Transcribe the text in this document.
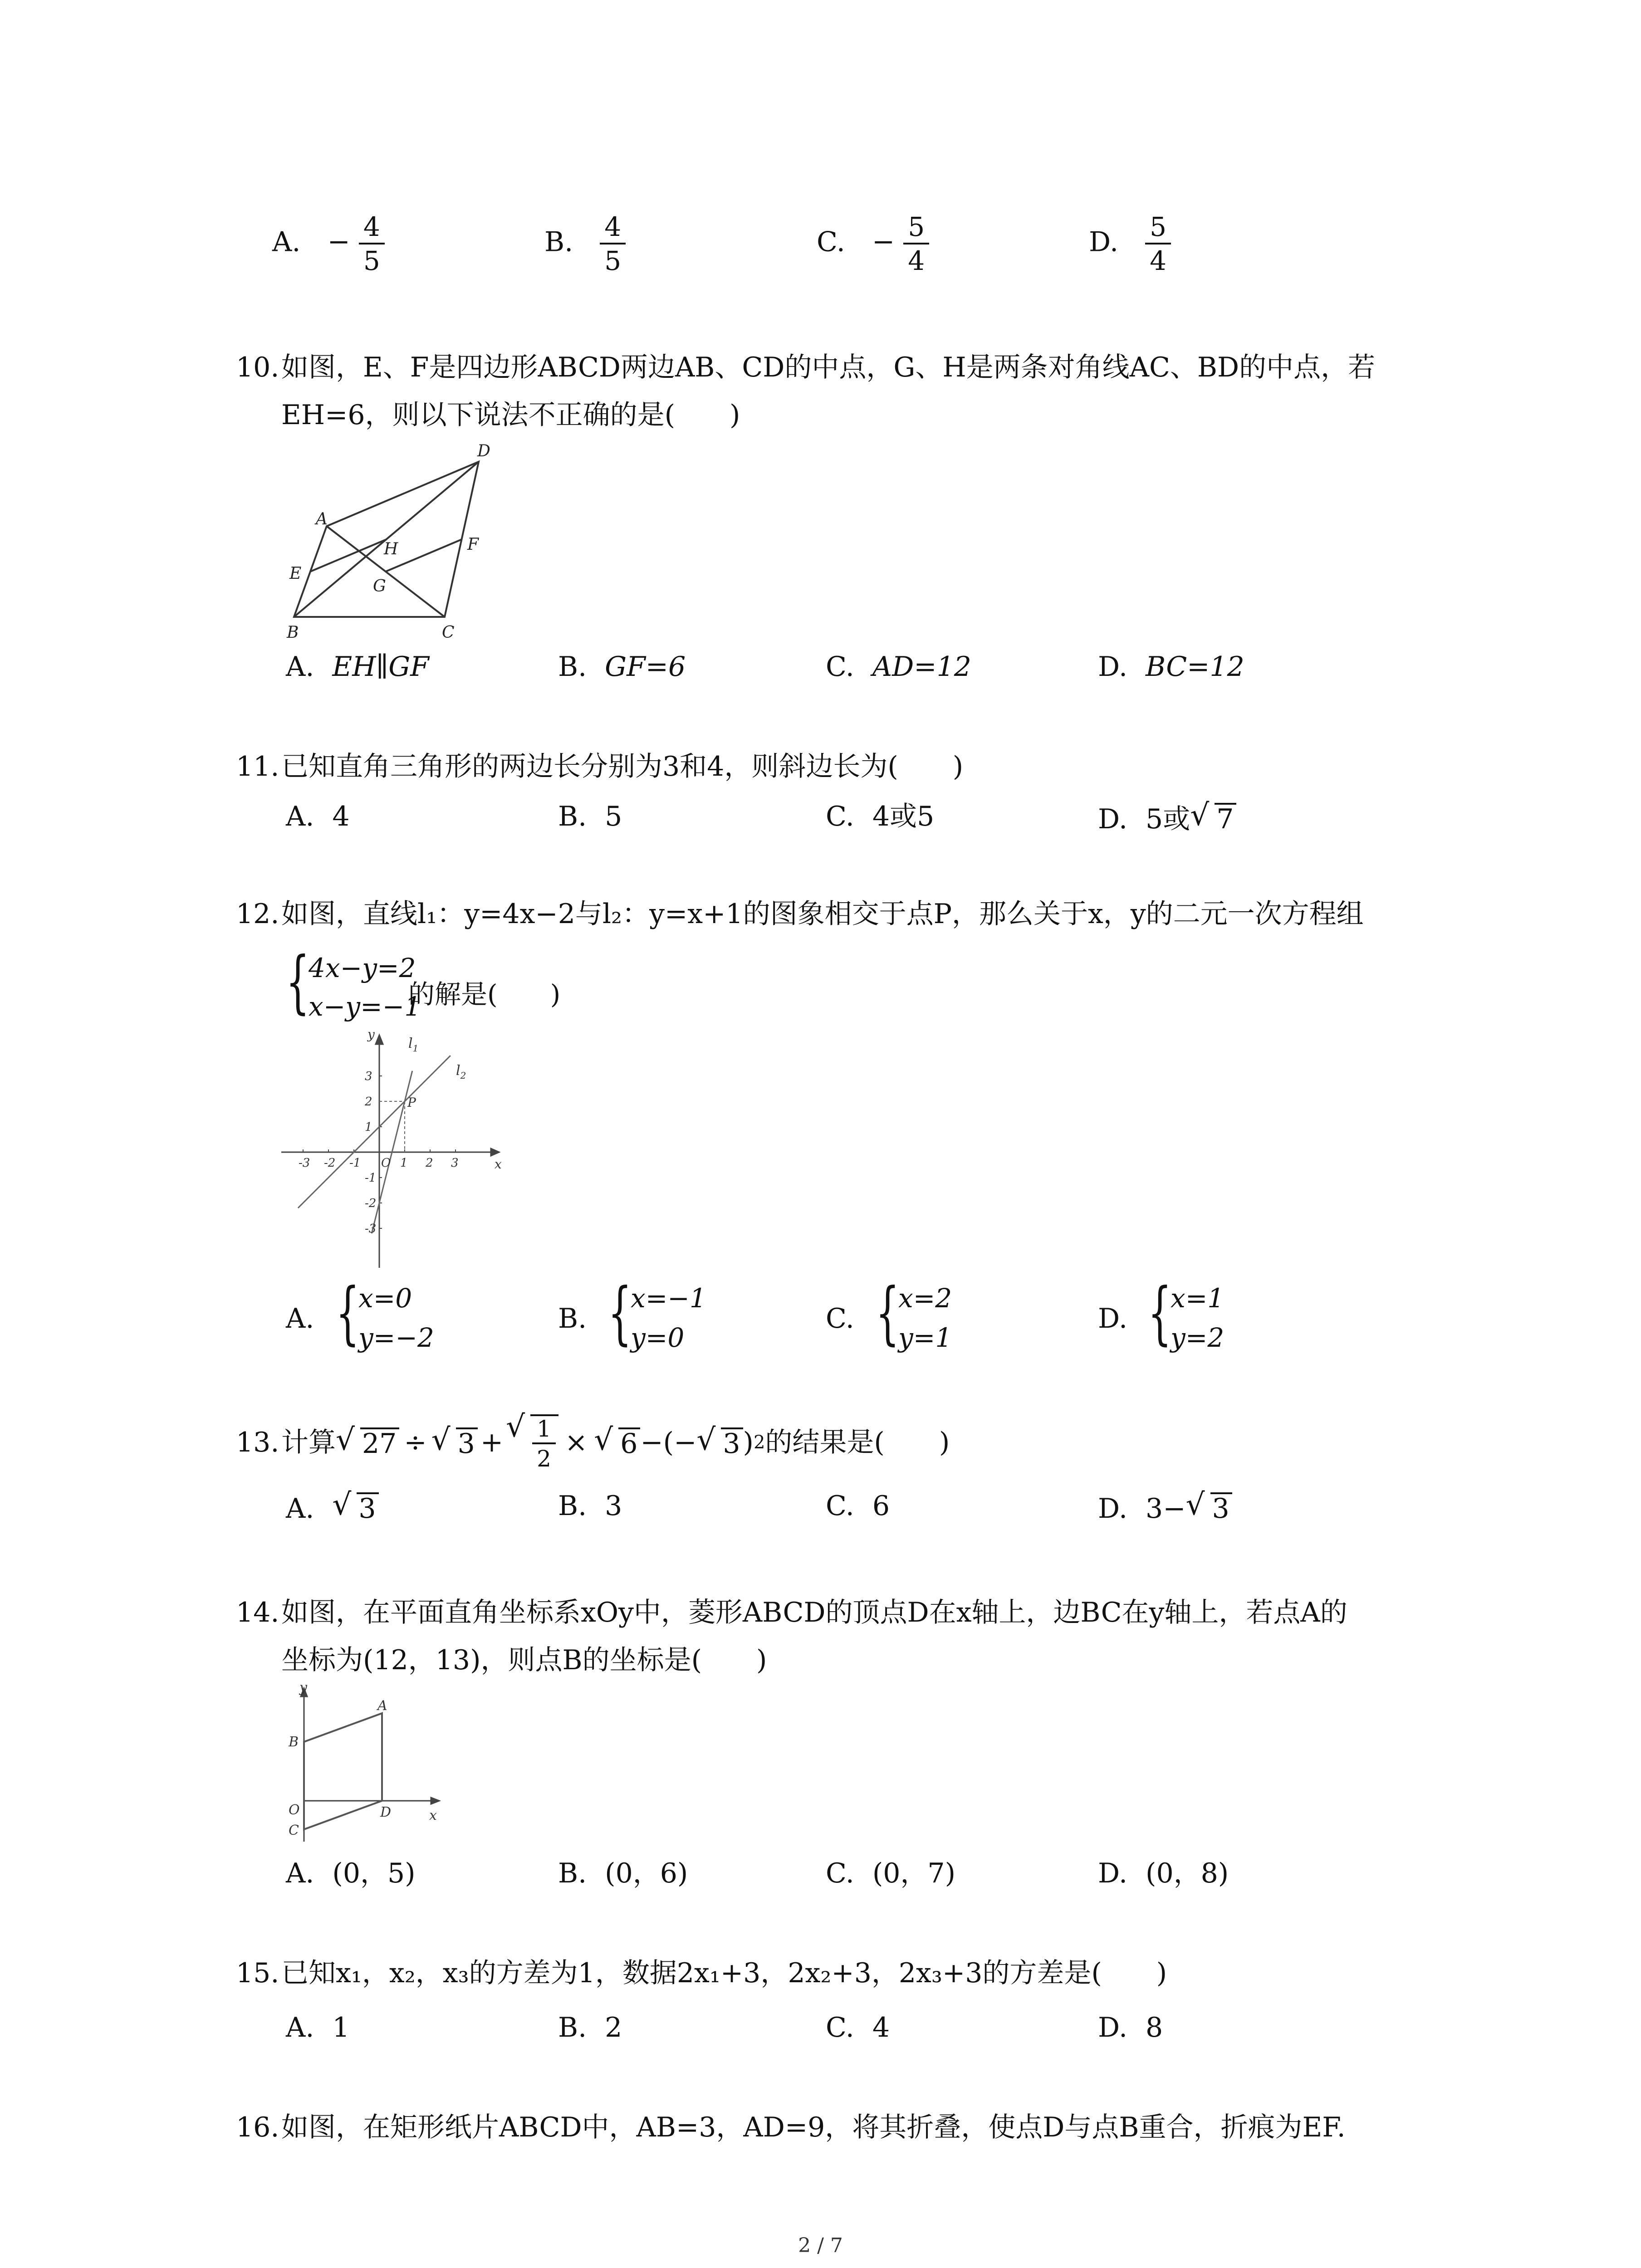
A. − $\frac{4}{5}$	B. $\frac{4}{5}$	C. − $\frac{5}{4}$	D. $\frac{5}{4}$
10. 如图，E、F是四边形ABCD两边AB、CD的中点，G、H是两条对角线AC、BD的中点，若
EH=6，则以下说法不正确的是(　　)
A
B	C
D
E
F
G
H
A. EH∥GF	B. GF=6	C. AD=12	D. BC=12
11. 已知直角三角形的两边长分别为3和4，则斜边长为(　　)
A. 4	B. 5	C. 4或5	D. 5或 √ 7
12. 如图，直线l₁：y=4x−2与l₂：y=x+1的图象相交于点P，那么关于x，y的二元一次方程组
{
4x−y=2
x−y=−1
的解是(　　)
-3 -2 -1	1 2 3
O
3
2
1
-1
-2
-3
y
x
$l_1$
$l_2$
P
A. {
x=0
y=−2
B. {
x=−1
y=0
C. {
x=2
y=1
D. {
x=1
y=2
13. 计算 √ 27 ÷	√ 3 + √ $\frac{1}{2}$ ×	√ 6 −(− √ 3 ) 2 的结果是(　　)
A. √ 3	B. 3	C. 6	D. 3− √ 3
14. 如图，在平面直角坐标系xOy中，菱形ABCD的顶点D在x轴上，边BC在y轴上，若点A的
坐标为(12，13)，则点B的坐标是(　　)
y
x
A
B
O
C
D
A. (0，5)	B. (0，6)	C. (0，7)	D. (0，8)
15. 已知x₁，x₂，x₃的方差为1，数据2x₁+3，2x₂+3，2x₃+3的方差是(　　)
A. 1	B. 2	C. 4	D. 8
16. 如图，在矩形纸片ABCD中，AB=3，AD=9，将其折叠，使点D与点B重合，折痕为EF.
2 / 7
